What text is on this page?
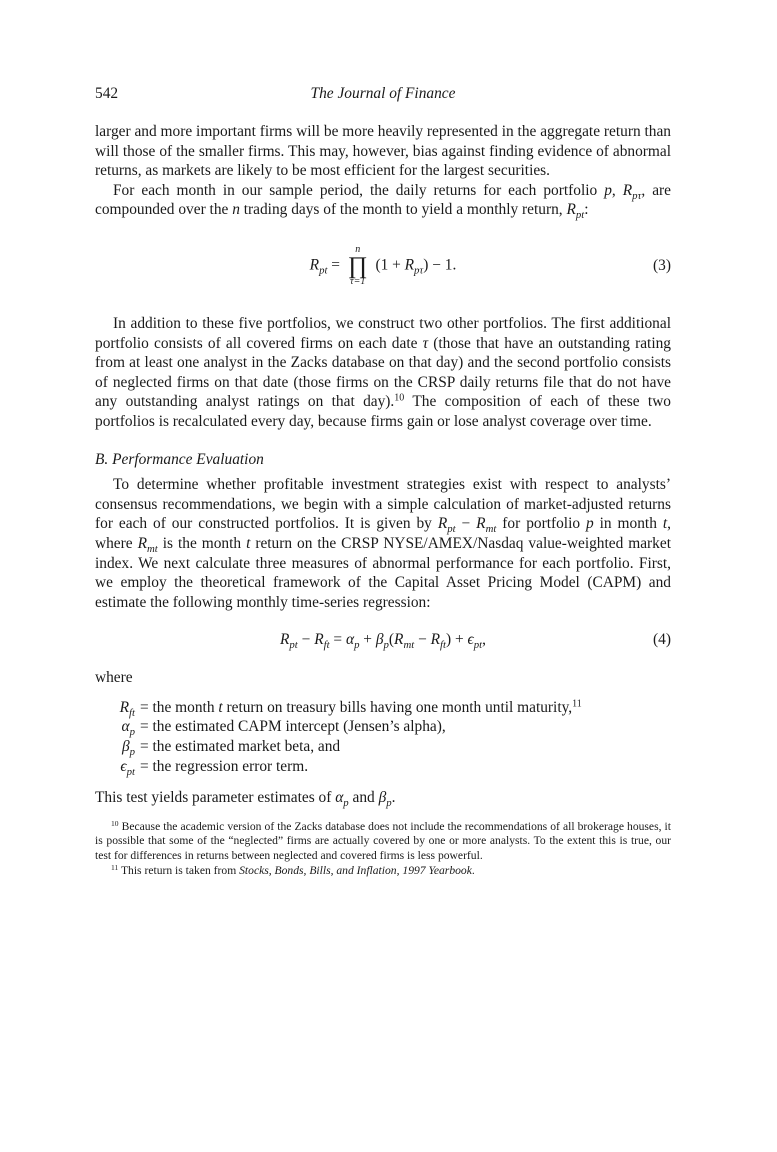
542	The Journal of Finance

larger and more important firms will be more heavily represented in the aggregate return than will those of the smaller firms. This may, however, bias against finding evidence of abnormal returns, as markets are likely to be most efficient for the largest securities.

For each month in our sample period, the daily returns for each portfolio p, $R_{p\tau}$, are compounded over the n trading days of the month to yield a monthly return, $R_{pt}$:

$R_{pt}$ =
n
∏
τ=1
$(1 + R_{p\tau}) - 1$.	(3)

In addition to these five portfolios, we construct two other portfolios. The first additional portfolio consists of all covered firms on each date τ (those that have an outstanding rating from at least one analyst in the Zacks database on that day) and the second portfolio consists of neglected firms on that date (those firms on the CRSP daily returns file that do not have any outstanding analyst ratings on that day).$^{10}$ The composition of each of these two portfolios is recalculated every day, because firms gain or lose analyst coverage over time.

B. Performance Evaluation

To determine whether profitable investment strategies exist with respect to analysts’ consensus recommendations, we begin with a simple calculation of market-adjusted returns for each of our constructed portfolios. It is given by $R_{pt} - R_{mt}$ for portfolio p in month t, where $R_{mt}$ is the month t return on the CRSP NYSE/AMEX/Nasdaq value-weighted market index. We next calculate three measures of abnormal performance for each portfolio. First, we employ the theoretical framework of the Capital Asset Pricing Model (CAPM) and estimate the following monthly time-series regression:

$R_{pt} - R_{ft} = \alpha_p + \beta_p(R_{mt} - R_{ft}) + \epsilon_{pt}$,	(4)

where

$R_{ft}$ = the month t return on treasury bills having one month until maturity,$^{11}$
$\alpha_p$ = the estimated CAPM intercept (Jensen’s alpha),
$\beta_p$ = the estimated market beta, and
$\epsilon_{pt}$ = the regression error term.

This test yields parameter estimates of $\alpha_p$ and $\beta_p$.

$^{10}$ Because the academic version of the Zacks database does not include the recommendations of all brokerage houses, it is possible that some of the “neglected” firms are actually covered by one or more analysts. To the extent this is true, our test for differences in returns between neglected and covered firms is less powerful.

$^{11}$ This return is taken from Stocks, Bonds, Bills, and Inflation, 1997 Yearbook.
